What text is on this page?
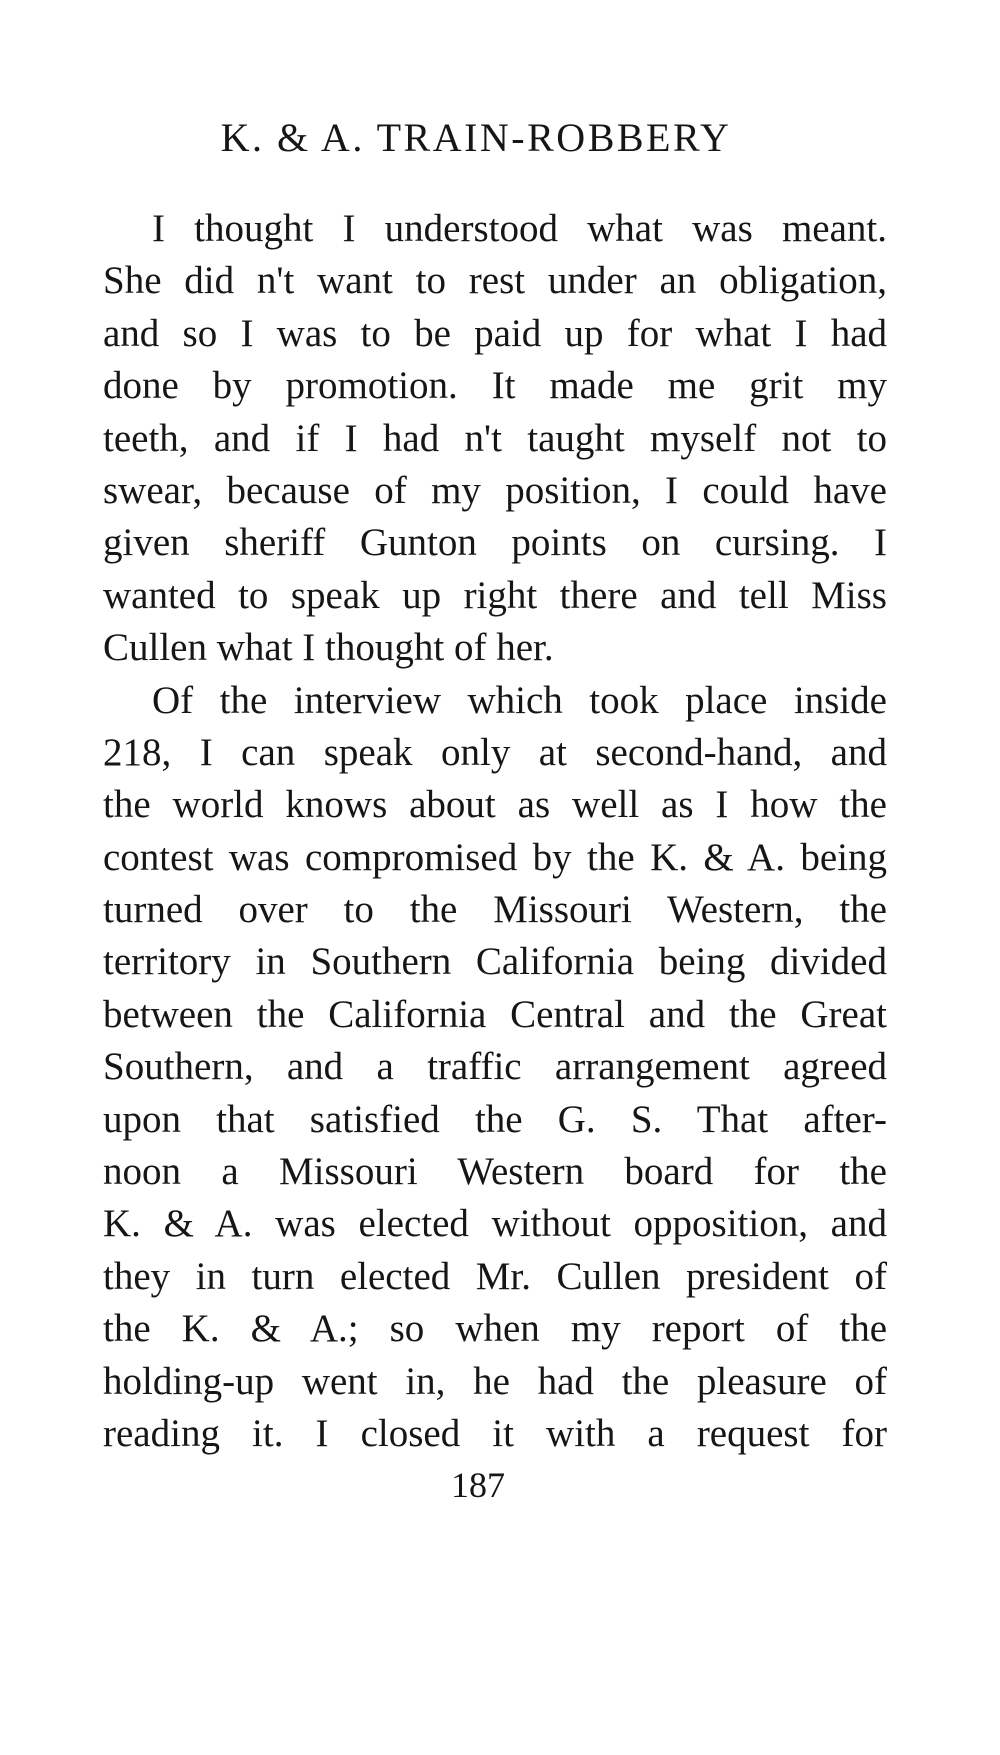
K. & A. TRAIN-ROBBERY
I thought I understood what was meant.
She did n't want to rest under an obligation,
and so I was to be paid up for what I had
done by promotion. It made me grit my
teeth, and if I had n't taught myself not to
swear, because of my position, I could have
given sheriff Gunton points on cursing. I
wanted to speak up right there and tell Miss
Cullen what I thought of her.
Of the interview which took place inside
218, I can speak only at second-hand, and
the world knows about as well as I how the
contest was compromised by the K. & A. being
turned over to the Missouri Western, the
territory in Southern California being divided
between the California Central and the Great
Southern, and a traffic arrangement agreed
upon that satisfied the G. S. That after-
noon a Missouri Western board for the
K. & A. was elected without opposition, and
they in turn elected Mr. Cullen president of
the K. & A.; so when my report of the
holding-up went in, he had the pleasure of
reading it. I closed it with a request for
187
